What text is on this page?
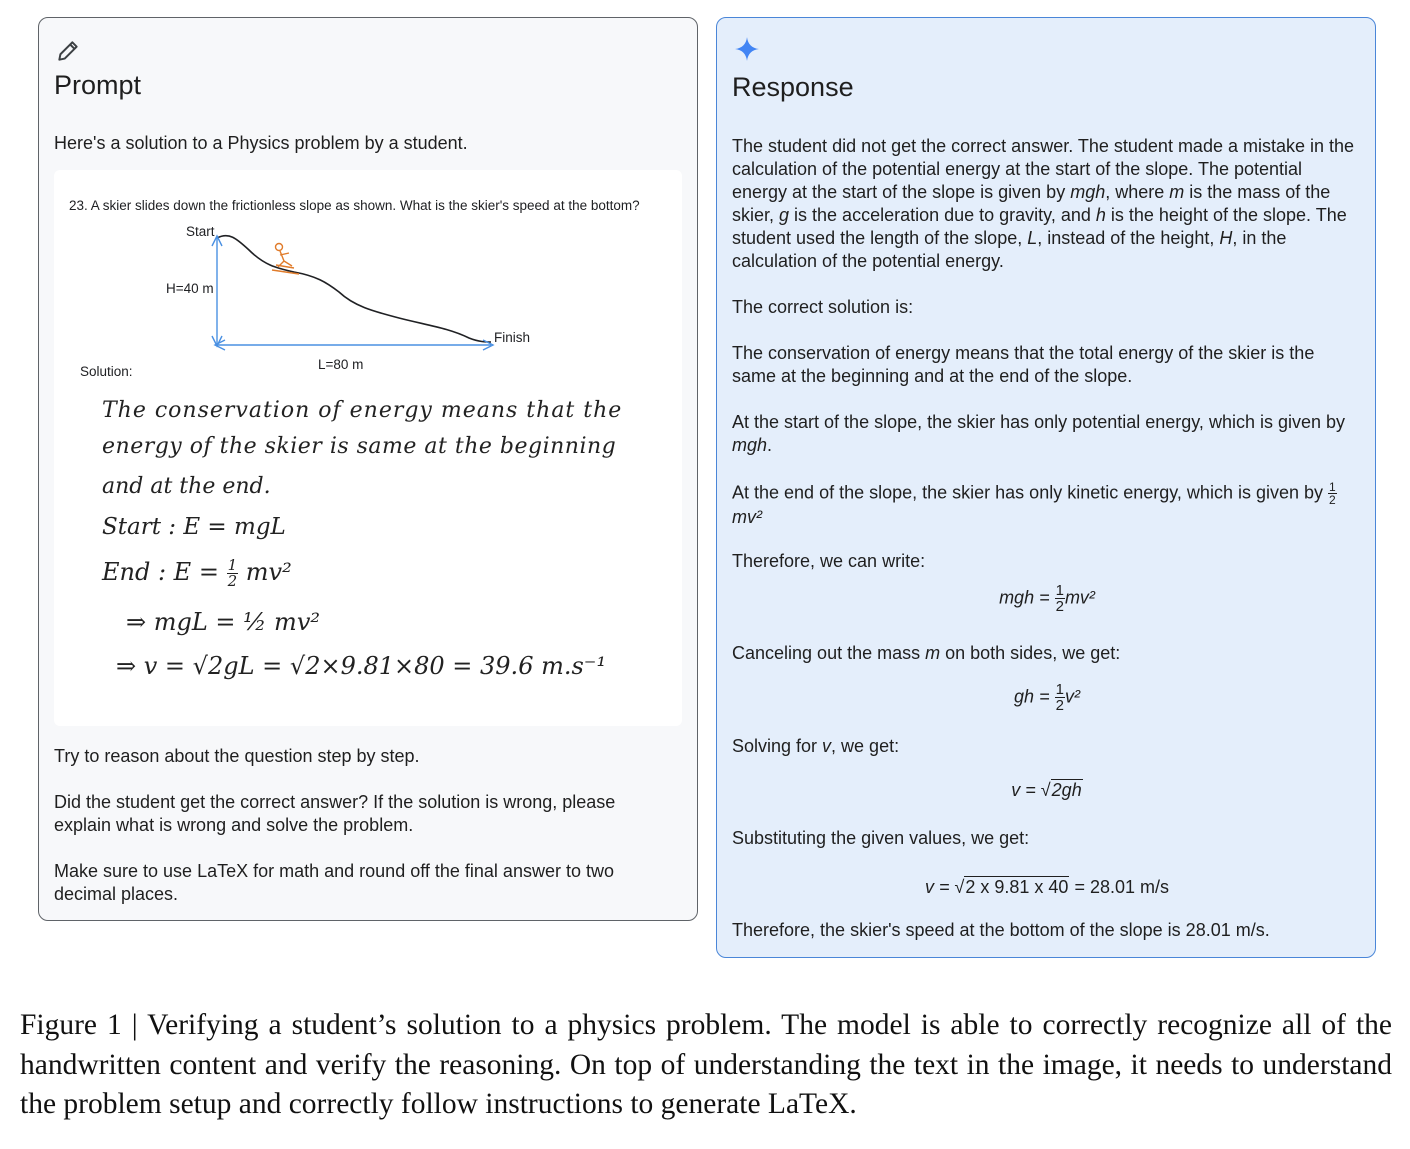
Prompt
Here's a solution to a Physics problem by a student.
23. A skier slides down the frictionless slope as shown. What is the skier's speed at the bottom?
Start
H=40 m
Finish
L=80 m
Solution:
The conservation of energy means that the
energy of the skier is same at the beginning
and at the end.
Start : E = mgL
End : $E = \frac{1}{2} mv^2$
⇒ mgL = ½ mv²
⇒ v = √2gL = √2×9.81×80 = 39.6 m.s⁻¹
Try to reason about the question step by step.
Did the student get the correct answer? If the solution is wrong, please explain what is wrong and solve the problem.
Make sure to use LaTeX for math and round off the final answer to two decimal places.
Response
The student did not get the correct answer. The student made a mistake in the calculation of the potential energy at the start of the slope. The potential energy at the start of the slope is given by mgh, where m is the mass of the skier, g is the acceleration due to gravity, and h is the height of the slope. The student used the length of the slope, L, instead of the height, H, in the calculation of the potential energy.
The correct solution is:
The conservation of energy means that the total energy of the skier is the same at the beginning and at the end of the slope.
At the start of the slope, the skier has only potential energy, which is given by mgh.
At the end of the slope, the skier has only kinetic energy, which is given by $\frac{1}{2}$
mv²
Therefore, we can write:
mgh = $\frac{1}{2} mv^2$
Canceling out the mass m on both sides, we get:
gh = $\frac{1}{2} v^2$
Solving for v, we get:
v = √2gh
Substituting the given values, we get:
v = √2 x 9.81 x 40 = 28.01 m/s
Therefore, the skier's speed at the bottom of the slope is 28.01 m/s.
Figure 1 | Verifying a student’s solution to a physics problem. The model is able to correctly recognize all of the handwritten content and verify the reasoning. On top of understanding the text in the image, it needs to understand the problem setup and correctly follow instructions to generate LaTeX.
